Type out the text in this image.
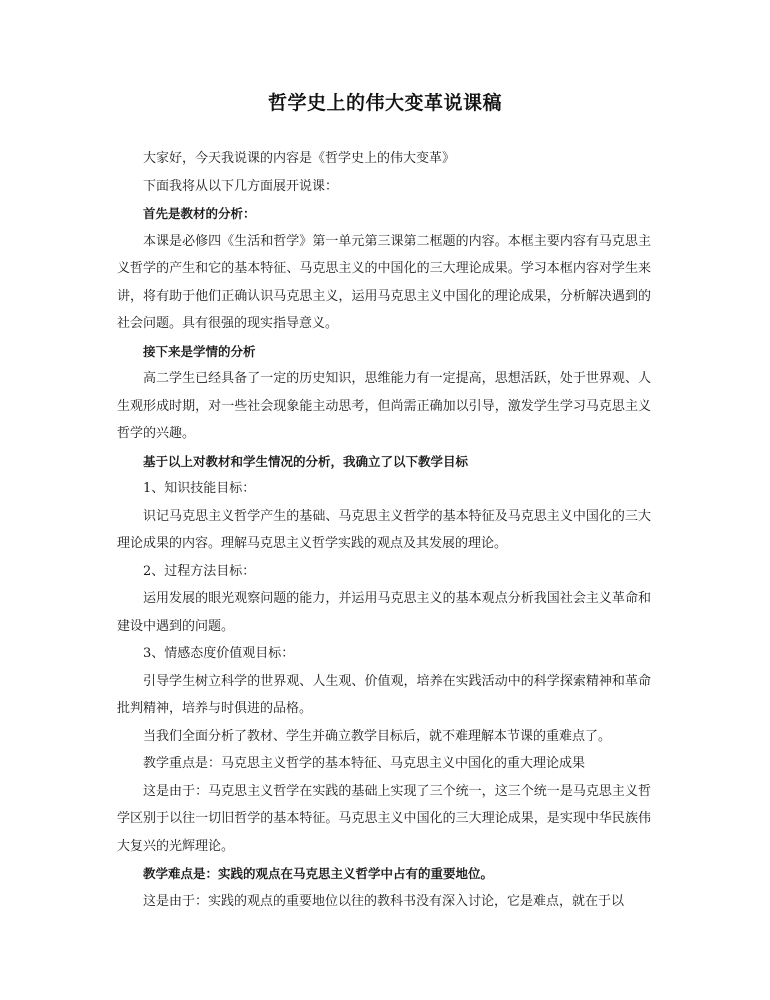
哲学史上的伟大变革说课稿

大家好，今天我说课的内容是《哲学史上的伟大变革》

下面我将从以下几方面展开说课：

首先是教材的分析：

本课是必修四《生活和哲学》第一单元第三课第二框题的内容。本框主要内容有马克思主义哲学的产生和它的基本特征、马克思主义的中国化的三大理论成果。学习本框内容对学生来讲，将有助于他们正确认识马克思主义，运用马克思主义中国化的理论成果，分析解决遇到的社会问题。具有很强的现实指导意义。

接下来是学情的分析

高二学生已经具备了一定的历史知识，思维能力有一定提高，思想活跃，处于世界观、人生观形成时期，对一些社会现象能主动思考，但尚需正确加以引导，激发学生学习马克思主义哲学的兴趣。

基于以上对教材和学生情况的分析，我确立了以下教学目标

1、知识技能目标：

识记马克思主义哲学产生的基础、马克思主义哲学的基本特征及马克思主义中国化的三大理论成果的内容。理解马克思主义哲学实践的观点及其发展的理论。

2、过程方法目标：

运用发展的眼光观察问题的能力，并运用马克思主义的基本观点分析我国社会主义革命和建设中遇到的问题。

3、情感态度价值观目标：

引导学生树立科学的世界观、人生观、价值观，培养在实践活动中的科学探索精神和革命批判精神，培养与时俱进的品格。

当我们全面分析了教材、学生并确立教学目标后，就不难理解本节课的重难点了。

教学重点是：马克思主义哲学的基本特征、马克思主义中国化的重大理论成果

这是由于：马克思主义哲学在实践的基础上实现了三个统一，这三个统一是马克思主义哲学区别于以往一切旧哲学的基本特征。马克思主义中国化的三大理论成果，是实现中华民族伟大复兴的光辉理论。

教学难点是：实践的观点在马克思主义哲学中占有的重要地位。

这是由于：实践的观点的重要地位以往的教科书没有深入讨论，它是难点，就在于以
